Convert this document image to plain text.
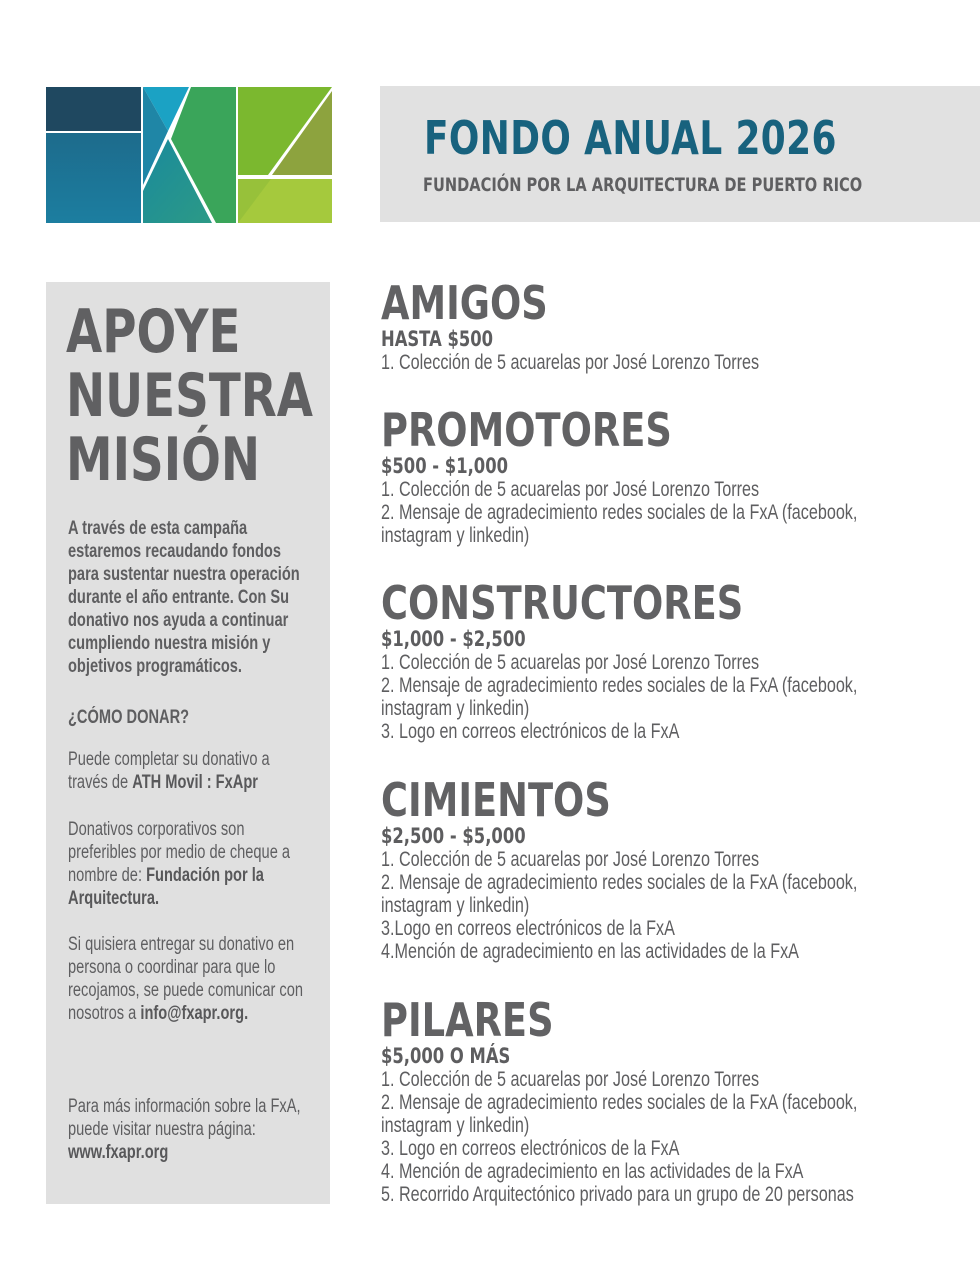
FONDO ANUAL 2026

FUNDACIÓN POR LA ARQUITECTURA DE PUERTO RICO

APOYE
NUESTRA
MISIÓN

A través de esta campaña estaremos recaudando fondos para sustentar nuestra operación durante el año entrante. Con Su donativo nos ayuda a continuar cumpliendo nuestra misión y objetivos programáticos.

¿CÓMO DONAR?

Puede completar su donativo a través de ATH Movil : FxApr

Donativos corporativos son preferibles por medio de cheque a nombre de: Fundación por la Arquitectura.

Si quisiera entregar su donativo en persona o coordinar para que lo recojamos, se puede comunicar con nosotros a info@fxapr.org.

Para más información sobre la FxA, puede visitar nuestra página: www.fxapr.org

AMIGOS

HASTA $500

1. Colección de 5 acuarelas por José Lorenzo Torres
PROMOTORES

$500 - $1,000

1. Colección de 5 acuarelas por José Lorenzo Torres
2. Mensaje de agradecimiento redes sociales de la FxA (facebook,
instagram y linkedin)
CONSTRUCTORES

$1,000 - $2,500

1. Colección de 5 acuarelas por José Lorenzo Torres
2. Mensaje de agradecimiento redes sociales de la FxA (facebook,
instagram y linkedin)
3. Logo en correos electrónicos de la FxA
CIMIENTOS

$2,500 - $5,000

1. Colección de 5 acuarelas por José Lorenzo Torres
2. Mensaje de agradecimiento redes sociales de la FxA (facebook,
instagram y linkedin)
3.Logo en correos electrónicos de la FxA
4.Mención de agradecimiento en las actividades de la FxA
PILARES

$5,000 O MÁS

1. Colección de 5 acuarelas por José Lorenzo Torres
2. Mensaje de agradecimiento redes sociales de la FxA (facebook,
instagram y linkedin)
3. Logo en correos electrónicos de la FxA
4. Mención de agradecimiento en las actividades de la FxA
5. Recorrido Arquitectónico privado para un grupo de 20 personas
